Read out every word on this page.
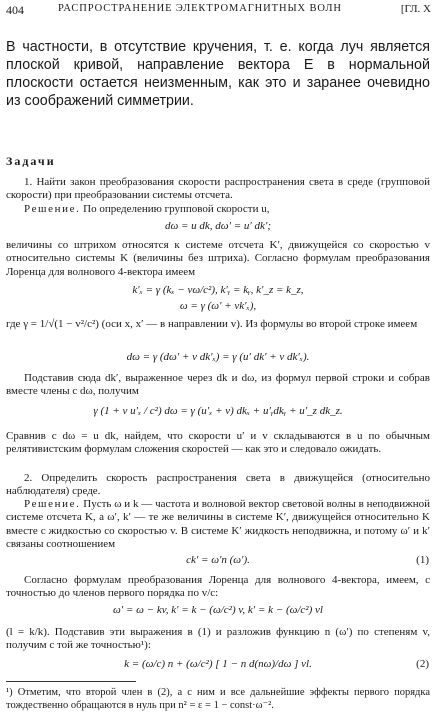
404	РАСПРОСТРАНЕНИЕ ЭЛЕКТРОМАГНИТНЫХ ВОЛН	[ГЛ. X
В частности, в отсутствие кручения, т. е. когда луч является плоской кривой, направление вектора E в нормальной плоскости остается неизменным, как это и заранее очевидно из соображений симметрии.
Задачи
1. Найти закон преобразования скорости распространения света в среде (групповой скорости) при преобразовании системы отсчета.
Решение. По определению групповой скорости u,
dω = u dk, dω′ = u′ dk′;
величины со штрихом относятся к системе отсчета K′, движущейся со скоростью v относительно системы K (величины без штриха). Согласно формулам преобразования Лоренца для волнового 4-вектора имеем
k′ₓ = γ (kₓ − vω/c²), k′ᵧ = kᵧ, k′_z = k_z,
ω = γ (ω′ + vk′ₓ),
где γ = 1/√(1 − v²/c²) (оси x, x′ — в направлении v). Из формулы во второй строке имеем
dω = γ (dω′ + v dk′ₓ) = γ (u′ dk′ + v dk′ₓ).
Подставив сюда dk′, выраженное через dk и dω, из формул первой строки и собрав вместе члены с dω, получим
γ (1 + v u′ₓ / c²) dω = γ (u′ₓ + v) dkₓ + u′ᵧdkᵧ + u′_z dk_z.
Сравнив с dω = u dk, найдем, что скорости u′ и v складываются в u по обычным релятивистским формулам сложения скоростей — как это и следовало ожидать.
2. Определить скорость распространения света в движущейся (относительно наблюдателя) среде.
Решение. Пусть ω и k — частота и волновой вектор световой волны в неподвижной системе отсчета K, а ω′, k′ — те же величины в системе K′, движущейся относительно K вместе с жидкостью со скоростью v. В системе K′ жидкость неподвижна, и потому ω′ и k′ связаны соотношением
ck′ = ω′n (ω′).	(1)
Согласно формулам преобразования Лоренца для волнового 4-вектора, имеем, с точностью до членов первого порядка по v/c:
ω′ = ω − kv, k′ = k − (ω/c²) v, k′ = k − (ω/c²) vl
(l = k/k). Подставив эти выражения в (1) и разложив функцию n (ω′) по степеням v, получим с той же точностью¹):
k = (ω/c) n + (ω/c²) [ 1 − n d(nω)/dω ] vl.	(2)
¹) Отметим, что второй член в (2), а с ним и все дальнейшие эффекты первого порядка тождественно обращаются в нуль при n² = ε = 1 − const·ω⁻².
